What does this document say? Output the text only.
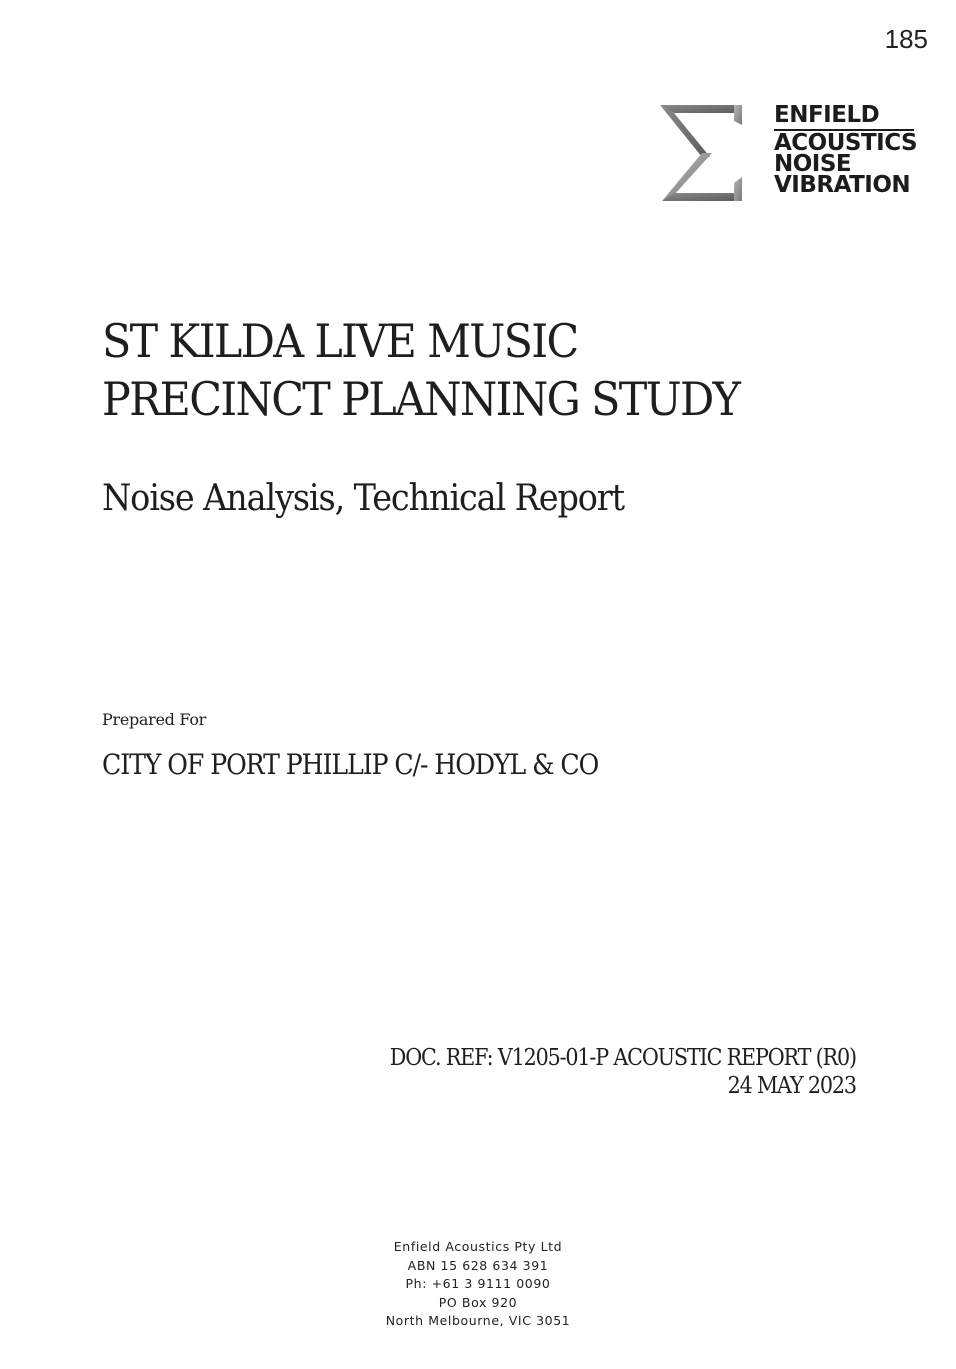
185
ENFIELD
ACOUSTICS
NOISE
VIBRATION
ST KILDA LIVE MUSIC
PRECINCT PLANNING STUDY
Noise Analysis, Technical Report
Prepared For
CITY OF PORT PHILLIP C/- HODYL & CO
DOC. REF: V1205-01-P ACOUSTIC REPORT (R0)
24 MAY 2023
Enfield Acoustics Pty Ltd
ABN 15 628 634 391
Ph: +61 3 9111 0090
PO Box 920
North Melbourne, VIC 3051
